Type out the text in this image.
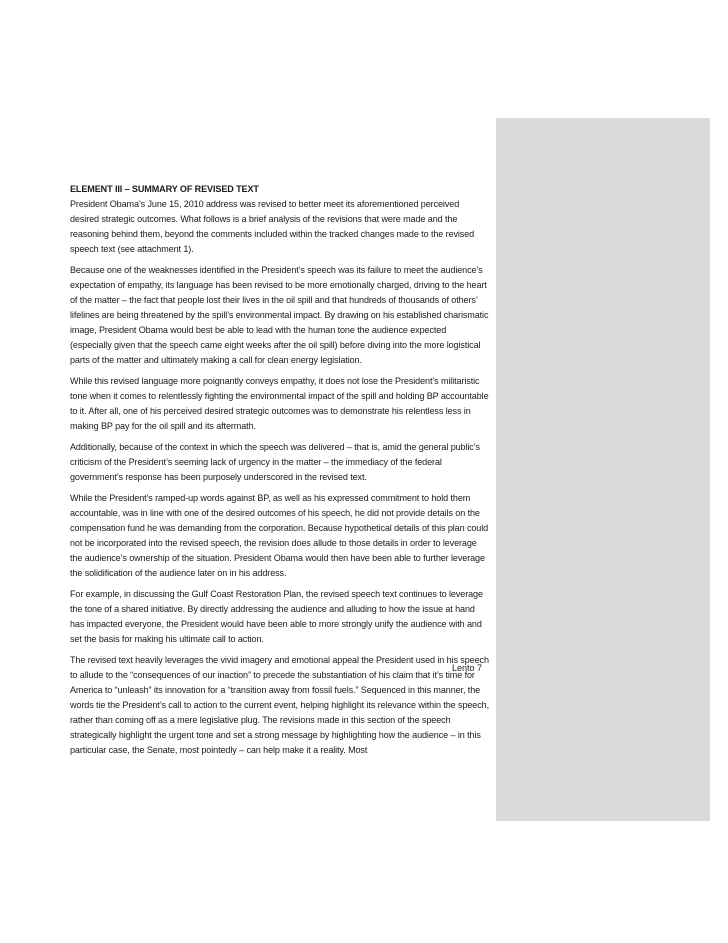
ELEMENT III – SUMMARY OF REVISED TEXT

President Obama’s June 15, 2010 address was revised to better meet its aforementioned perceived desired strategic outcomes. What follows is a brief analysis of the revisions that were made and the reasoning behind them, beyond the comments included within the tracked changes made to the revised speech text (see attachment 1).

Because one of the weaknesses identified in the President’s speech was its failure to meet the audience’s expectation of empathy, its language has been revised to be more emotionally charged, driving to the heart of the matter – the fact that people lost their lives in the oil spill and that hundreds of thousands of others’ lifelines are being threatened by the spill’s environmental impact. By drawing on his established charismatic image, President Obama would best be able to lead with the human tone the audience expected (especially given that the speech came eight weeks after the oil spill) before diving into the more logistical parts of the matter and ultimately making a call for clean energy legislation.

While this revised language more poignantly conveys empathy, it does not lose the President’s militaristic tone when it comes to relentlessly fighting the environmental impact of the spill and holding BP accountable to it. After all, one of his perceived desired strategic outcomes was to demonstrate his relentless less in making BP pay for the oil spill and its aftermath.

Additionally, because of the context in which the speech was delivered – that is, amid the general public’s criticism of the President’s seeming lack of urgency in the matter – the immediacy of the federal government’s response has been purposely underscored in the revised text.

While the President’s ramped-up words against BP, as well as his expressed commitment to hold them accountable, was in line with one of the desired outcomes of his speech, he did not provide details on the compensation fund he was demanding from the corporation. Because hypothetical details of this plan could not be incorporated into the revised speech, the revision does allude to those details in order to leverage the audience’s ownership of the situation. President Obama would then have been able to further leverage the solidification of the audience later on in his address.

For example, in discussing the Gulf Coast Restoration Plan, the revised speech text continues to leverage the tone of a shared initiative. By directly addressing the audience and alluding to how the issue at hand has impacted everyone, the President would have been able to more strongly unify the audience with and set the basis for making his ultimate call to action.

The revised text heavily leverages the vivid imagery and emotional appeal the President used in his speech to allude to the “consequences of our inaction” to precede the substantiation of his claim that it’s time for America to “unleash” its innovation for a “transition away from fossil fuels.” Sequenced in this manner, the words tie the President’s call to action to the current event, helping highlight its relevance within the speech, rather than coming off as a mere legislative plug. The revisions made in this section of the speech strategically highlight the urgent tone and set a strong message by highlighting how the audience – in this particular case, the Senate, most pointedly – can help make it a reality. Most

Lento 7
